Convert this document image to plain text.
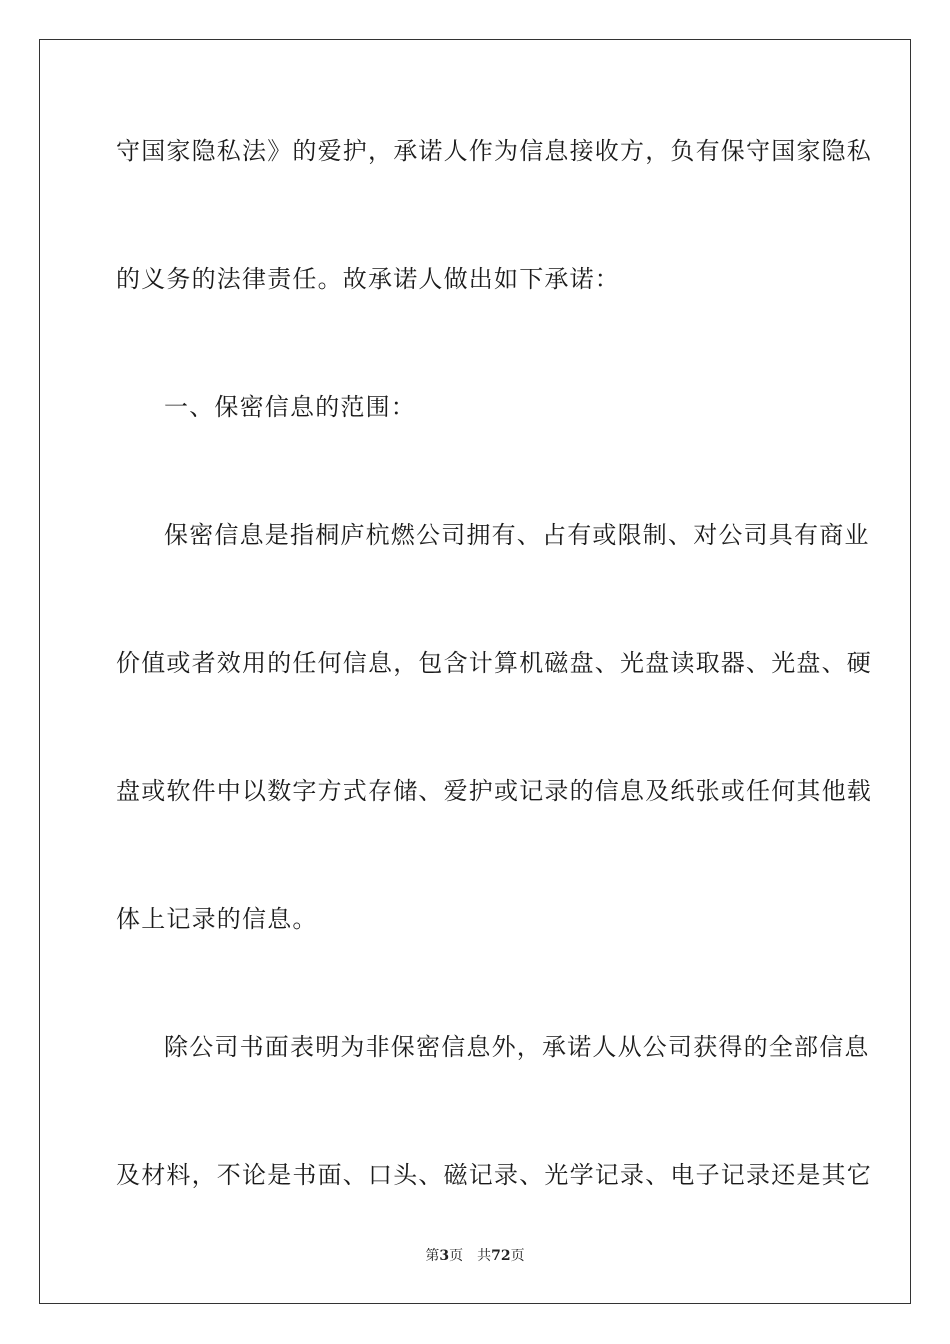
守国家隐私法》的爱护，承诺人作为信息接收方，负有保守国家隐私
的义务的法律责任。故承诺人做出如下承诺：
一、保密信息的范围：
保密信息是指桐庐杭燃公司拥有、占有或限制、对公司具有商业
价值或者效用的任何信息，包含计算机磁盘、光盘读取器、光盘、硬
盘或软件中以数字方式存储、爱护或记录的信息及纸张或任何其他载
体上记录的信息。
除公司书面表明为非保密信息外，承诺人从公司获得的全部信息
及材料，不论是书面、口头、磁记录、光学记录、电子记录还是其它
第3页 共72页
